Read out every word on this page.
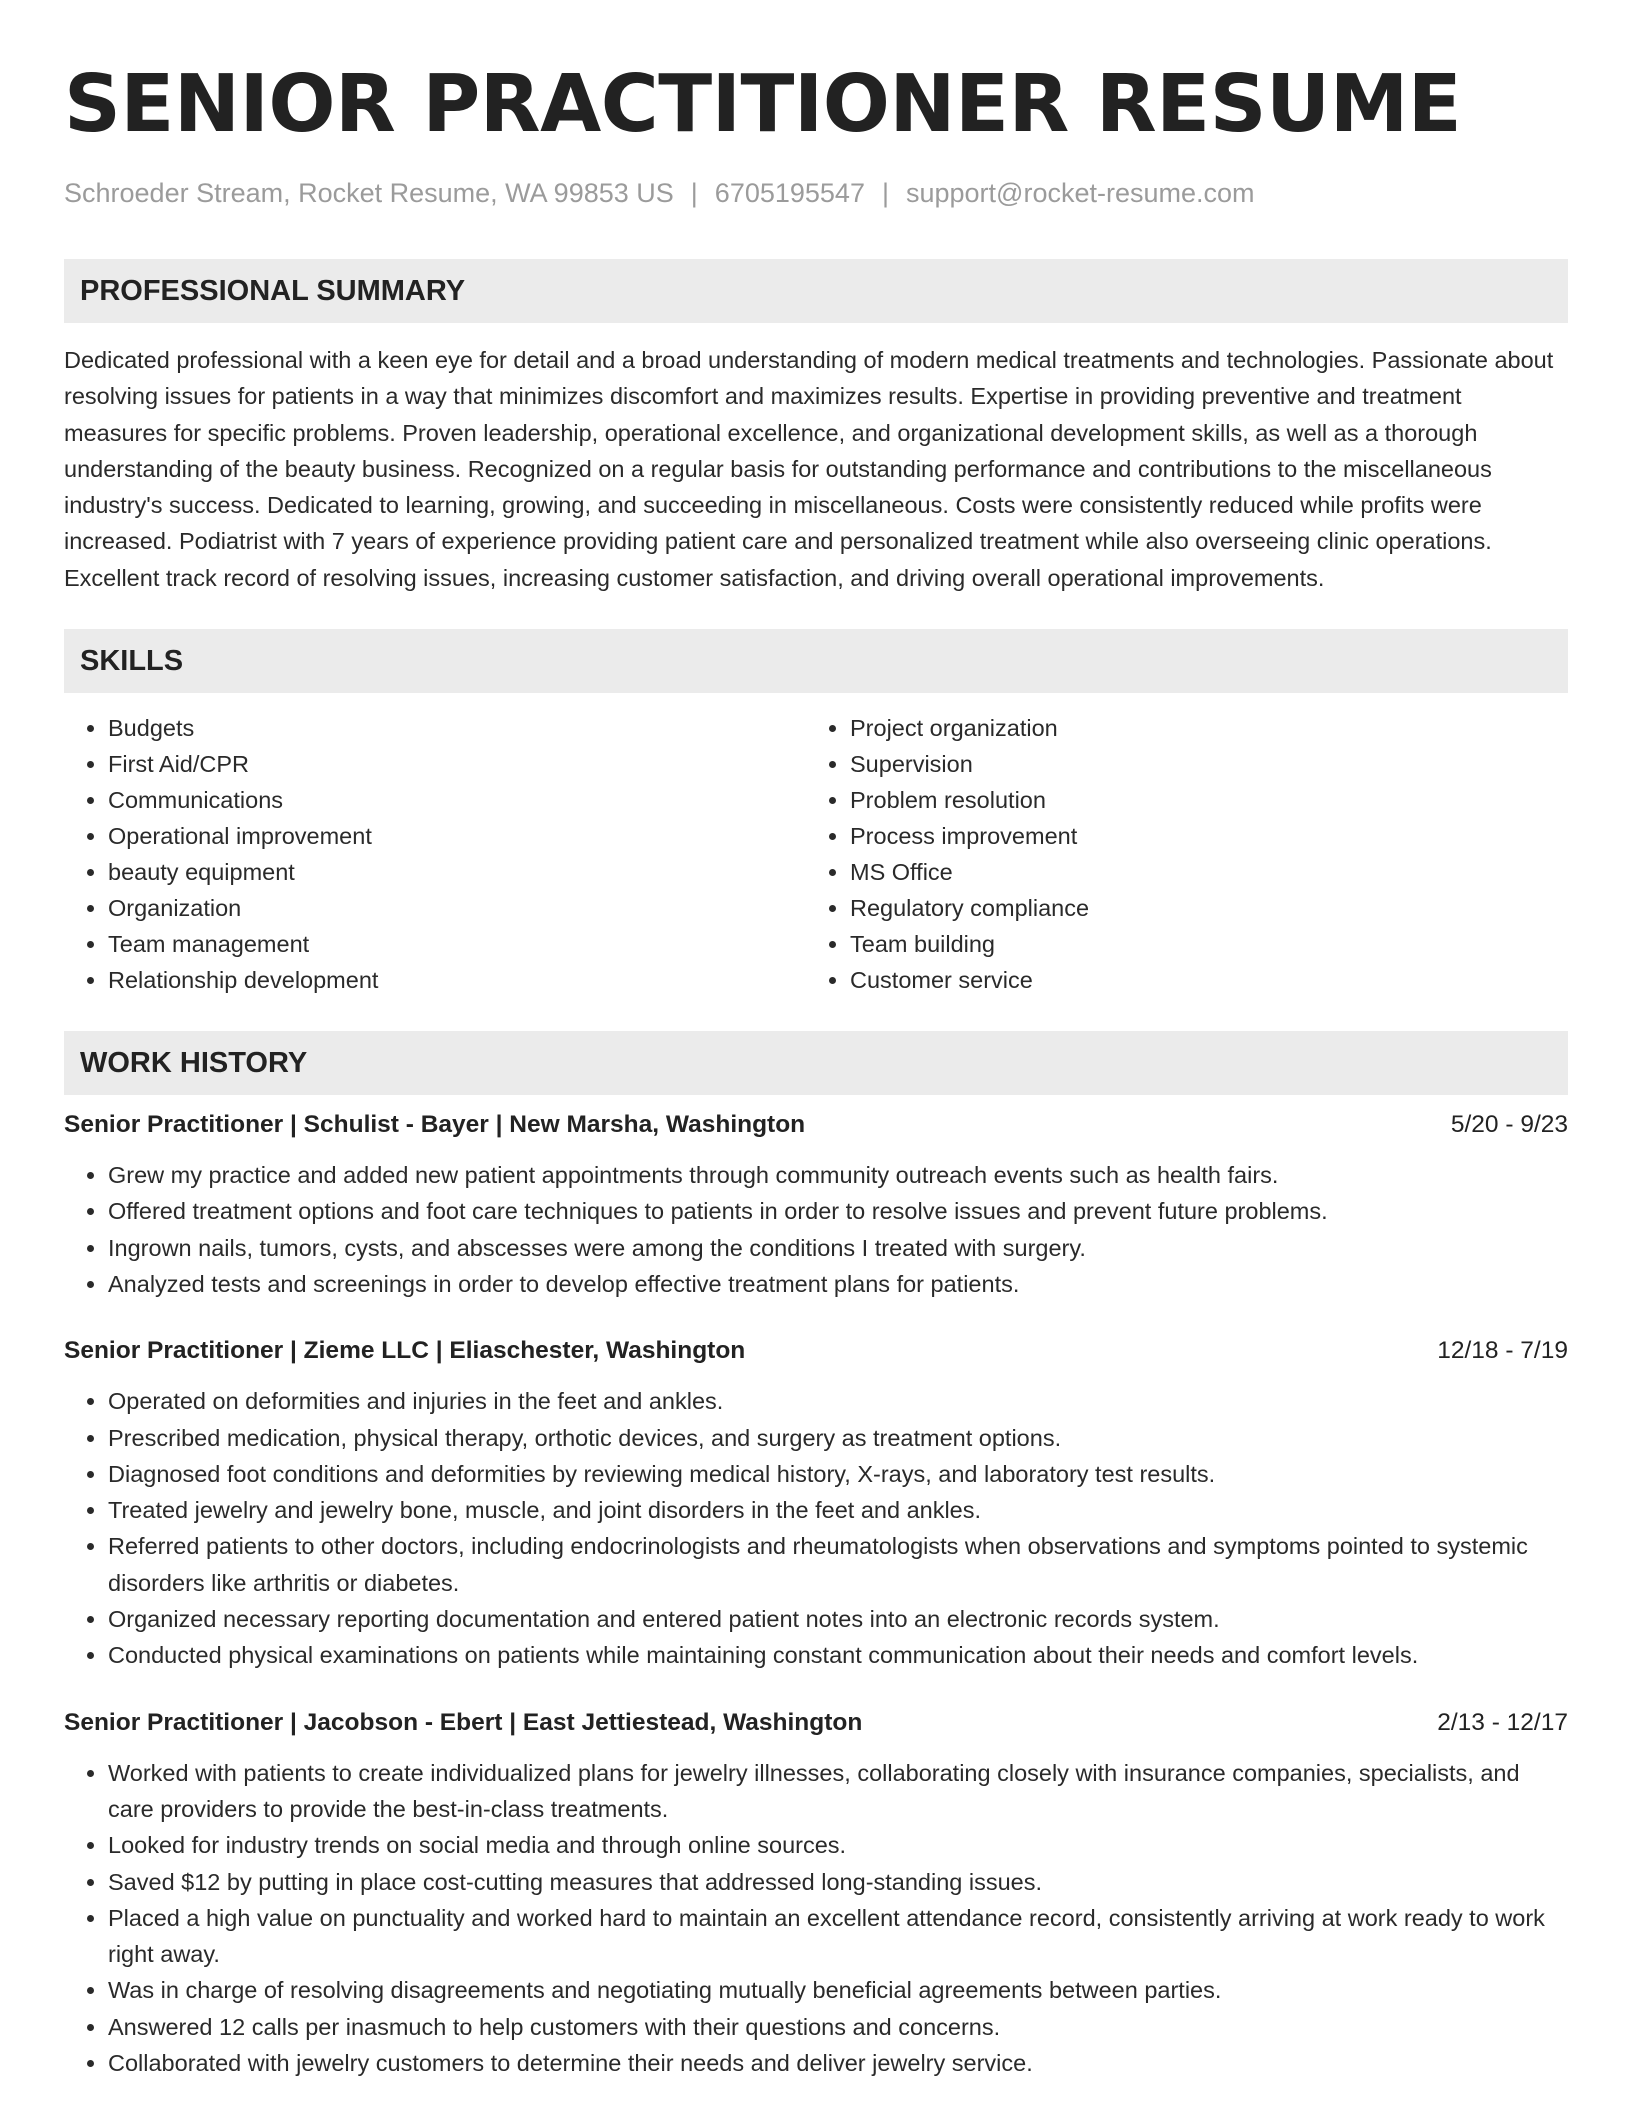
SENIOR PRACTITIONER RESUME
Schroeder Stream, Rocket Resume, WA 99853 US | 6705195547 | support@rocket-resume.com
PROFESSIONAL SUMMARY

Dedicated professional with a keen eye for detail and a broad understanding of modern medical treatments and technologies. Passionate about resolving issues for patients in a way that minimizes discomfort and maximizes results. Expertise in providing preventive and treatment measures for specific problems. Proven leadership, operational excellence, and organizational development skills, as well as a thorough understanding of the beauty business. Recognized on a regular basis for outstanding performance and contributions to the miscellaneous industry's success. Dedicated to learning, growing, and succeeding in miscellaneous. Costs were consistently reduced while profits were increased. Podiatrist with 7 years of experience providing patient care and personalized treatment while also overseeing clinic operations. Excellent track record of resolving issues, increasing customer satisfaction, and driving overall operational improvements.

SKILLS
• Budgets
• First Aid/CPR
• Communications
• Operational improvement
• beauty equipment
• Organization
• Team management
• Relationship development
• Project organization
• Supervision
• Problem resolution
• Process improvement
• MS Office
• Regulatory compliance
• Team building
• Customer service
WORK HISTORY
Senior Practitioner | Schulist - Bayer | New Marsha, Washington	5/20 - 9/23
• Grew my practice and added new patient appointments through community outreach events such as health fairs.
• Offered treatment options and foot care techniques to patients in order to resolve issues and prevent future problems.
• Ingrown nails, tumors, cysts, and abscesses were among the conditions I treated with surgery.
• Analyzed tests and screenings in order to develop effective treatment plans for patients.
Senior Practitioner | Zieme LLC | Eliaschester, Washington	12/18 - 7/19
• Operated on deformities and injuries in the feet and ankles.
• Prescribed medication, physical therapy, orthotic devices, and surgery as treatment options.
• Diagnosed foot conditions and deformities by reviewing medical history, X-rays, and laboratory test results.
• Treated jewelry and jewelry bone, muscle, and joint disorders in the feet and ankles.
• Referred patients to other doctors, including endocrinologists and rheumatologists when observations and symptoms pointed to systemic disorders like arthritis or diabetes.
• Organized necessary reporting documentation and entered patient notes into an electronic records system.
• Conducted physical examinations on patients while maintaining constant communication about their needs and comfort levels.
Senior Practitioner | Jacobson - Ebert | East Jettiestead, Washington	2/13 - 12/17
• Worked with patients to create individualized plans for jewelry illnesses, collaborating closely with insurance companies, specialists, and care providers to provide the best-in-class treatments.
• Looked for industry trends on social media and through online sources.
• Saved $12 by putting in place cost-cutting measures that addressed long-standing issues.
• Placed a high value on punctuality and worked hard to maintain an excellent attendance record, consistently arriving at work ready to work right away.
• Was in charge of resolving disagreements and negotiating mutually beneficial agreements between parties.
• Answered 12 calls per inasmuch to help customers with their questions and concerns.
• Collaborated with jewelry customers to determine their needs and deliver jewelry service.
